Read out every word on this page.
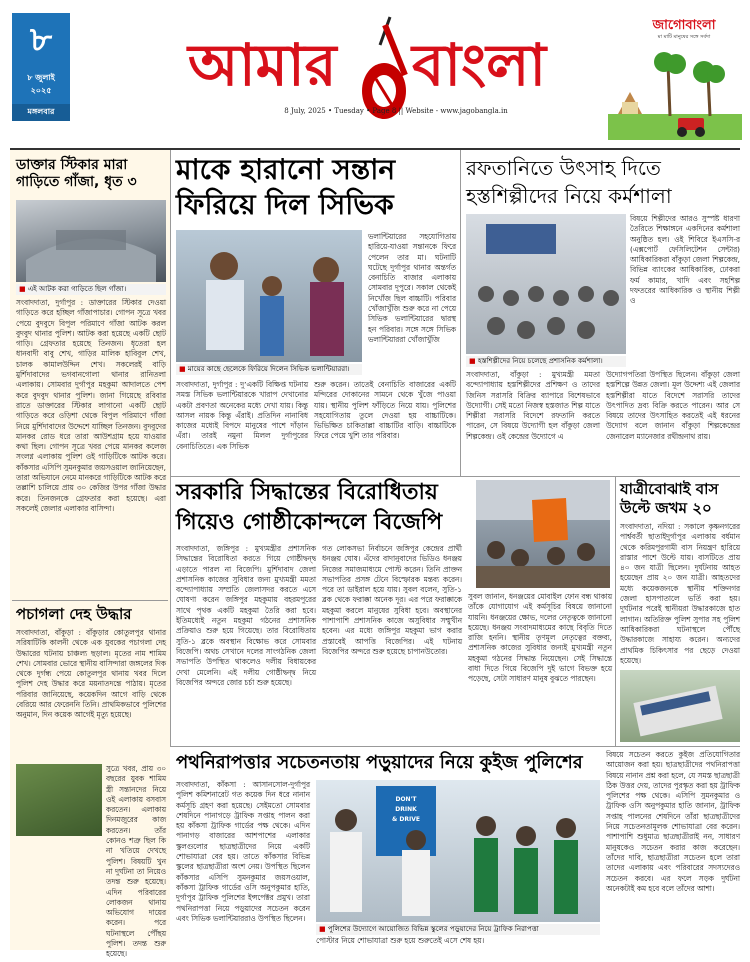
৮
৮ জুলাই
২০২৫
মঙ্গলবার
আমার	বাংলা
8 July, 2025 • Tuesday • Page 8 || Website - www.jagobangla.in
জাগোবাংলা
মা মাটি মানুষের সঙ্গে সর্বদা
ডাক্তার স্টিকার মারা গাড়িতে গাঁজা, ধৃত ৩
■ এই আটক করা গাড়িতে ছিল গাঁজা।
সংবাদদাতা, দুর্গাপুর : ডাক্তারের স্টিকার দেওয়া গাড়িতে করে হচ্ছিল গাঁজাপাচার। গোপন সূত্রে খবর পেয়ে বুদবুদে বিপুল পরিমাণে গাঁজা আটক করল বুদবুদ থানার পুলিশ। আটক করা হয়েছে একটি ছোট গাড়ি। গ্রেফতার হয়েছে তিনজন। ধৃতেরা হল ধানবাদী বাবু শেখ, গাড়ির মালিক হাবিবুল শেখ, চালক কামালউদ্দিন শেখ। সকলেরই বাড়ি মুর্শিদাবাদের ভগবানগোলা থানার রানিতলা এলাকায়। সোমবার দুর্গাপুর মহকুমা আদালতে পেশ করে বুদবুদ থানার পুলিশ। জানা গিয়েছে রবিবার রাতে ডাক্তারের স্টিকার লাগানো একটি ছোট গাড়িতে করে ওড়িশা থেকে বিপুল পরিমাণে গাঁজা নিয়ে মুর্শিদাবাদের উদ্দেশে যাচ্ছিল তিনজন। বুদবুদের মানকর রোড ধরে তারা আউশগ্রাম হয়ে যাওয়ার কথা ছিল। গোপন সূত্রে খবর পেয়ে মানকর কলেজ সংলগ্ন এলাকায় পুলিশ ওই গাড়িটিকে আটক করে। কাঁকসার এসিপি সুমনকুমার জয়সওয়াল জানিয়েছেন, তারা অভিযানে নেমে মানকরে গাড়িটিকে আটক করে তল্লাশি চালিয়ে প্রায় ৩০ কেজির উপর গাঁজা উদ্ধার করে। তিনজনকে গ্রেফতার করা হয়েছে। এরা সকলেই জেলার এলাকার বাসিন্দা।
পচাগলা দেহ উদ্ধার
সংবাদদাতা, বাঁকুড়া : বাঁকুড়ার কোতুলপুর থানার সরিষাটিকি কালনী থেকে এক যুবকের পচাগলা দেহ উদ্ধারের ঘটনায় চাঞ্চল্য ছড়াল। মৃতের নাম শামিম শেখ। সোমবার ভোরে স্থানীয় বাসিন্দারা জঙ্গলের দিক থেকে দুর্গন্ধ পেয়ে কোতুলপুর থানায় খবর দিলে পুলিশ দেহ উদ্ধার করে ময়নাতদন্তে পাঠায়। মৃতের পরিবার জানিয়েছে, কয়েকদিন আগে বাড়ি থেকে বেরিয়ে আর ফেরেননি তিনি। প্রাথমিকভাবে পুলিশের অনুমান, দিন কয়েক আগেই মৃত্যু হয়েছে।
সুত্রে খবর, প্রায় ৩০ বছরের যুবক শামিম স্ত্রী সন্তানদের নিয়ে ওই এলাকায় বসবাস করতেন। এলাকায় দিনমজুরের কাজ করতেন। তাঁর কোনও শত্রু ছিল কি না খতিয়ে দেখছে পুলিশ। বিষয়টি খুন না দুর্ঘটনা তা নিয়েও তদন্ত শুরু হয়েছে। এদিন পরিবারের লোকজন থানায় অভিযোগ দায়ের করেন। পরে ঘটনাস্থলে পৌঁছয় পুলিশ। তদন্ত শুরু হয়েছে।
মাকে হারানো সন্তান ফিরিয়ে দিল সিভিক
■ মায়ের কাছে ছেলেকে ফিরিয়ে দিলেন সিভিক ভলান্টিয়াররা।
ভলান্টিয়ারের সহযোগিতায় হারিয়ে-যাওয়া সন্তানকে ফিরে পেলেন তার মা। ঘটনাটি ঘটেছে দুর্গাপুর থানার অন্তর্গত বেনাচিতি বাজার এলাকায় সোমবার দুপুরে। সকাল থেকেই নিখোঁজ ছিল বাচ্চাটি। পরিবার খোঁজাখুঁজি শুরু করে না পেয়ে সিভিক ভলান্টিয়ারের দ্বারস্থ হন পরিবার। সঙ্গে সঙ্গে সিভিক ভলান্টিয়াররা খোঁজাখুঁজি
সংবাদদাতা, দুর্গাপুর : দু’একটি বিক্ষিপ্ত ঘটনায় সমস্ত সিভিক ভলান্টিয়ারকে খারাপ দেখানোর একটা প্রবণতা অনেকের মধ্যে দেখা যায়। কিন্তু আসল নায়ক কিন্তু এঁরাই। প্রতিদিন নানাবিধ কাজের মধ্যেই বিপদে মানুষের পাশে দাঁড়ান এঁরা। তারই নমুনা মিলল দুর্গাপুরের বেনাচিতিতে। এক সিভিক
শুরু করেন। তাতেই বেনাচিতি বাজারের একটি মন্দিরের দোকানের সামনে থেকে খুঁজে পাওয়া যায়। স্থানীয় পুলিশ ফাঁড়িতে নিয়ে যায়। পুলিশের সহযোগিতায় তুলে দেওয়া হয় বাচ্চাটিকে। ভিভিক্ষিত চাকিতাল্লা বাচ্চাটির বাড়ি। বাচ্চাটিকে ফিরে পেয়ে খুশি তার পরিবার।
রফতানিতে উৎসাহ দিতে হস্তশিল্পীদের নিয়ে কর্মশালা
বিষয়ে শিল্পীদের আরও সুস্পষ্ট ধারণা তৈরিতে শিক্ষাঙ্গনে একদিনের কর্মশালা অনুষ্ঠিত হল। ওই শিবিরে ইএসসি-র (এক্সপোর্ট ফেসিলিটেশন সেন্টার) আধিকারিকরা বাঁকুড়া জেলা শিল্পকেন্দ্র, বিভিন্ন ব্যাংকের আধিকারিক, ঢোকরা ফর্ম কামার, খাদি এবং সহশিল্প দফতরের আধিকারিক ও স্থানীয় শিল্পী ও
■ হস্তশিল্পীদের নিয়ে চলেছে প্রশাসনিক কর্মশালা।
সংবাদদাতা, বাঁকুড়া : মুখ্যমন্ত্রী মমতা বন্দ্যোপাধ্যায় হস্তশিল্পীদের প্রশিক্ষণ ও তাদের জিনিস সরাসরি বিক্রির ব্যাপারে বিশেষভাবে উদ্যোগী। সেই মতো নিজস্ব হস্তজাত শিল্প যাতে শিল্পীরা সরাসরি বিদেশে রফতানি করতে পারেন, সে বিষয়ে উদ্যোগী হল বাঁকুড়া জেলা শিল্পকেন্দ্র। ওই কেন্দ্রের উদ্যোগে এ
উদ্যোগপতিরা উপস্থিত ছিলেন। বাঁকুড়া জেলা হস্তশিল্পে উন্নত জেলা। মূল উদ্দেশ্য এই জেলার হস্তশিল্পীরা যাতে বিদেশে সরাসরি তাদের উৎপাদিত দ্রব্য বিক্রি করতে পারেন। আর সে বিষয়ে তাদের উৎসাহিত করতেই এই ধরনের উদ্যোগ বলে জানান বাঁকুড়া শিল্পকেন্দ্রের জেনারেল ম্যানেজার রথীন্দ্রনাথ রায়।
সরকারি সিদ্ধান্তের বিরোধিতায় গিয়েও গোষ্ঠীকোন্দলে বিজেপি
সংবাদদাতা, জঙ্গিপুর : মুখ্যমন্ত্রীর প্রশাসনিক সিদ্ধান্তের বিরোধিতা করতে গিয়ে গোষ্ঠীদ্বন্দ্ব এড়াতে পারল না বিজেপি। মুর্শিদাবাদ জেলা প্রশাসনিক কাজের সুবিধার জন্য মুখ্যমন্ত্রী মমতা বন্দ্যোপাধ্যায় সম্প্রতি জেলাসদর করতে এসে ঘোষণা করেন জঙ্গিপুর মহকুমায় বহরমপুরের সাথে পৃথক একটি মহকুমা তৈরি করা হবে। ইতিমধ্যেই নতুন মহকুমা গঠনের প্রশাসনিক প্রক্রিয়াও শুরু হয়ে গিয়েছে। তার বিরোধিতায় সুতি-১ ব্লকে অবস্থান বিক্ষোভ করে সোমবার বিজেপি। অথচ সেখানে দলের সাংগঠনিক জেলা সভাপতি উপস্থিত থাকলেও দলীয় বিধায়কের দেখা মেলেনি। এই দলীয় গোষ্ঠীদ্বন্দ্ব নিয়ে বিজেপির অন্দরে জোর চর্চা শুরু হয়েছে।
গত লোকসভা নির্বাচনে জঙ্গিপুর কেন্দ্রের প্রার্থী ধনঞ্জয় ঘোষ। এঁদের বাদানুবাদের ভিডিও ধনঞ্জয় নিজের সমাজমাধ্যমে পোস্ট করেন। তিনি প্রাক্তন সভাপতির প্রসঙ্গ টেনে বিস্ফোরক মন্তব্য করেন। পরে তা ডাইরাল হয়ে যায়। সুবল বলেন, সুতি-১ ব্লক থেকে ফরাক্কা অনেক দূর। এর পরে ফরাক্কাকে মহকুমা করলে মানুষের সুবিধা হবে। অবস্থানের পাশাপাশি প্রশাসনিক কাজে অসুবিধার সম্মুখীন হবেন। এর মধ্যে জঙ্গিপুর মহকুমা ভাগ করার প্রস্তাবেই আপত্তি বিজেপির। এই ঘটনায় বিজেপির অন্দরে শুরু হয়েছে চাপানউতোর।
সুবল জানান, ধনঞ্জয়ের মোবাইল ফোন বন্ধ থাকায় তাঁকে যোগাযোগ এই কর্মসূচির বিষয়ে জানানো যায়নি। ধনঞ্জয়ের ক্ষোভ, দলের নেতৃত্বকে জানানো হয়েছে। ধনঞ্জয় সংবাদমাধ্যমের কাছে বিবৃতি দিতে রাজি হননি। স্থানীয় তৃণমূল নেতৃত্বের বক্তব্য, প্রশাসনিক কাজের সুবিধার জন্যই মুখ্যমন্ত্রী নতুন মহকুমা গঠনের সিদ্ধান্ত নিয়েছেন। সেই সিদ্ধান্তে বাধা দিতে গিয়ে বিজেপি দুই ভাগে বিভক্ত হয়ে পড়েছে, সেটা সাধারণ মানুষ বুঝতে পারছেন।
যাত্রীবোঝাই বাস উল্টে জখম ২০
সংবাদদাতা, নদিয়া : সকালে কৃষ্ণনগরের পার্শ্ববর্তী ছাতাইদুর্গাপুর এলাকায় বর্ধমান থেকে করিমপুরগামী বাস নিয়ন্ত্রণ হারিয়ে রাস্তার পাশে উল্টে যায়। বাসটিতে প্রায় ৪০ জন যাত্রী ছিলেন। দুর্ঘটনায় আহত হয়েছেন প্রায় ২০ জন যাত্রী। আহতদের মধ্যে কয়েকজনকে স্থানীয় শক্তিনগর জেলা হাসপাতালে ভর্তি করা হয়। দুর্ঘটনার পরেই স্থানীয়রা উদ্ধারকাজে হাত লাগান। অতিরিক্ত পুলিশ সুপার সহ পুলিশ আধিকারিকরা ঘটনাস্থলে পৌঁছে উদ্ধারকাজে সাহায্য করেন। অন্যদের প্রাথমিক চিকিৎসার পর ছেড়ে দেওয়া হয়েছে।
পথনিরাপত্তার সচেতনতায় পড়ুয়াদের নিয়ে কুইজ পুলিশের
সংবাদদাতা, কাঁকসা : আসানসোল-দুর্গাপুর পুলিশ কমিশনারেট গত কয়েক দিন ধরে নানান কর্মসূচি গ্রহণ করা হয়েছে। সেইমতো সোমবার শেষদিনে পানাগড়ে ট্রাফিক সপ্তাহ পালন করা হয় কাঁকসা ট্রাফিক গার্ডের পক্ষ থেকে। এদিন পানাগড় বাজারের আশপাশের এলাকার স্কুলগুলোর ছাত্রছাত্রীদের নিয়ে একটি শোভাযাত্রা বের হয়। তাতে কাঁকসার বিভিন্ন স্কুলের ছাত্রছাত্রীরা অংশ নেয়। উপস্থিত ছিলেন কাঁকসার এসিপি সুমনকুমার জয়সওয়াল, কাঁকসা ট্রাফিক গার্ডের ওসি অনুপকুমার হাতি, দুর্গাপুর ট্রাফিক পুলিশের ইন্সপেক্টর প্রমুখ। তারা পথনিরাপত্তা নিয়ে পড়ুয়াদের সচেতন করেন এবং সিভিক ভলান্টিয়াররাও উপস্থিত ছিলেন।
DON'T
DRINK
& DRIVE
■ পুলিশের উদ্যোগে আয়োজিত বিভিন্ন স্কুলের পড়ুয়াদের নিয়ে ট্রাফিক নিরাপত্তা
পোস্টার নিয়ে শোভাযাত্রা শুরু হয়ে শুরুতেই এসে শেষ হয়।
বিষয়ে সচেতন করতে কুইজ প্রতিযোগিতার আয়োজন করা হয়। ছাত্রছাত্রীদের পথনিরাপত্তা বিষয়ে নানান প্রশ্ন করা হলে, যে সমস্ত ছাত্রছাত্রী ঠিক উত্তর দেয়, তাদের পুরস্কৃত করা হয় ট্রাফিক পুলিশের পক্ষ থেকে। এসিপি সুমনকুমার ও ট্রাফিক ওসি অনুপকুমার হাতি জানান, ট্রাফিক সপ্তাহ পালনের শেষদিনে তাঁরা ছাত্রছাত্রীদের নিয়ে সচেতনতামূলক শোভাযাত্রা বের করেন। পাশাপাশি শুধুমাত্র ছাত্রছাত্রীরাই নন, সাধারণ মানুষকেও সচেতন করার কাজ করেছেন। তাঁদের দাবি, ছাত্রছাত্রীরা সচেতন হলে তারা তাদের এলাকায় এবং পরিবারের সদস্যদেরও সচেতন করবে। এর ফলে সড়ক দুর্ঘটনা অনেকটাই কম হবে বলে তাঁদের আশা।
